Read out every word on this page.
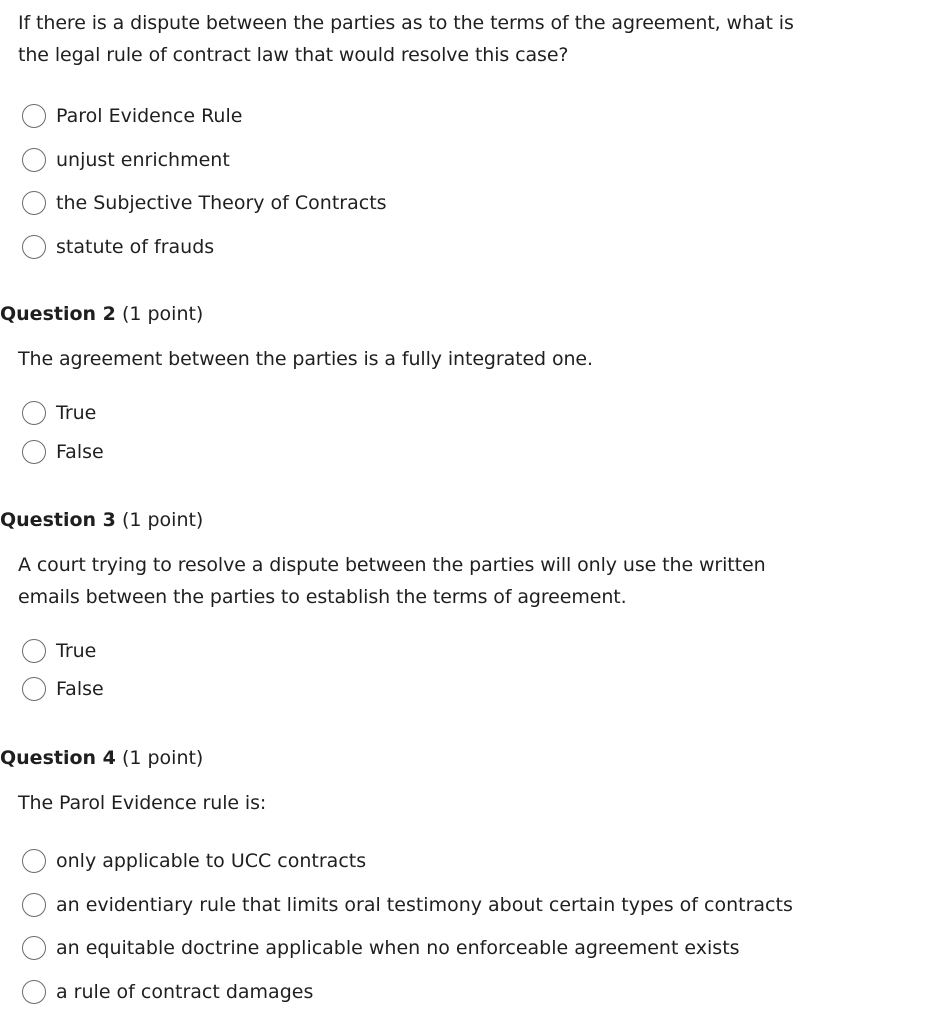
If there is a dispute between the parties as to the terms of the agreement, what is the legal rule of contract law that would resolve this case?
Parol Evidence Rule
unjust enrichment
the Subjective Theory of Contracts
statute of frauds
Question 2 (1 point)
The agreement between the parties is a fully integrated one.
True
False
Question 3 (1 point)
A court trying to resolve a dispute between the parties will only use the written emails between the parties to establish the terms of agreement.
True
False
Question 4 (1 point)
The Parol Evidence rule is:
only applicable to UCC contracts
an evidentiary rule that limits oral testimony about certain types of contracts
an equitable doctrine applicable when no enforceable agreement exists
a rule of contract damages
